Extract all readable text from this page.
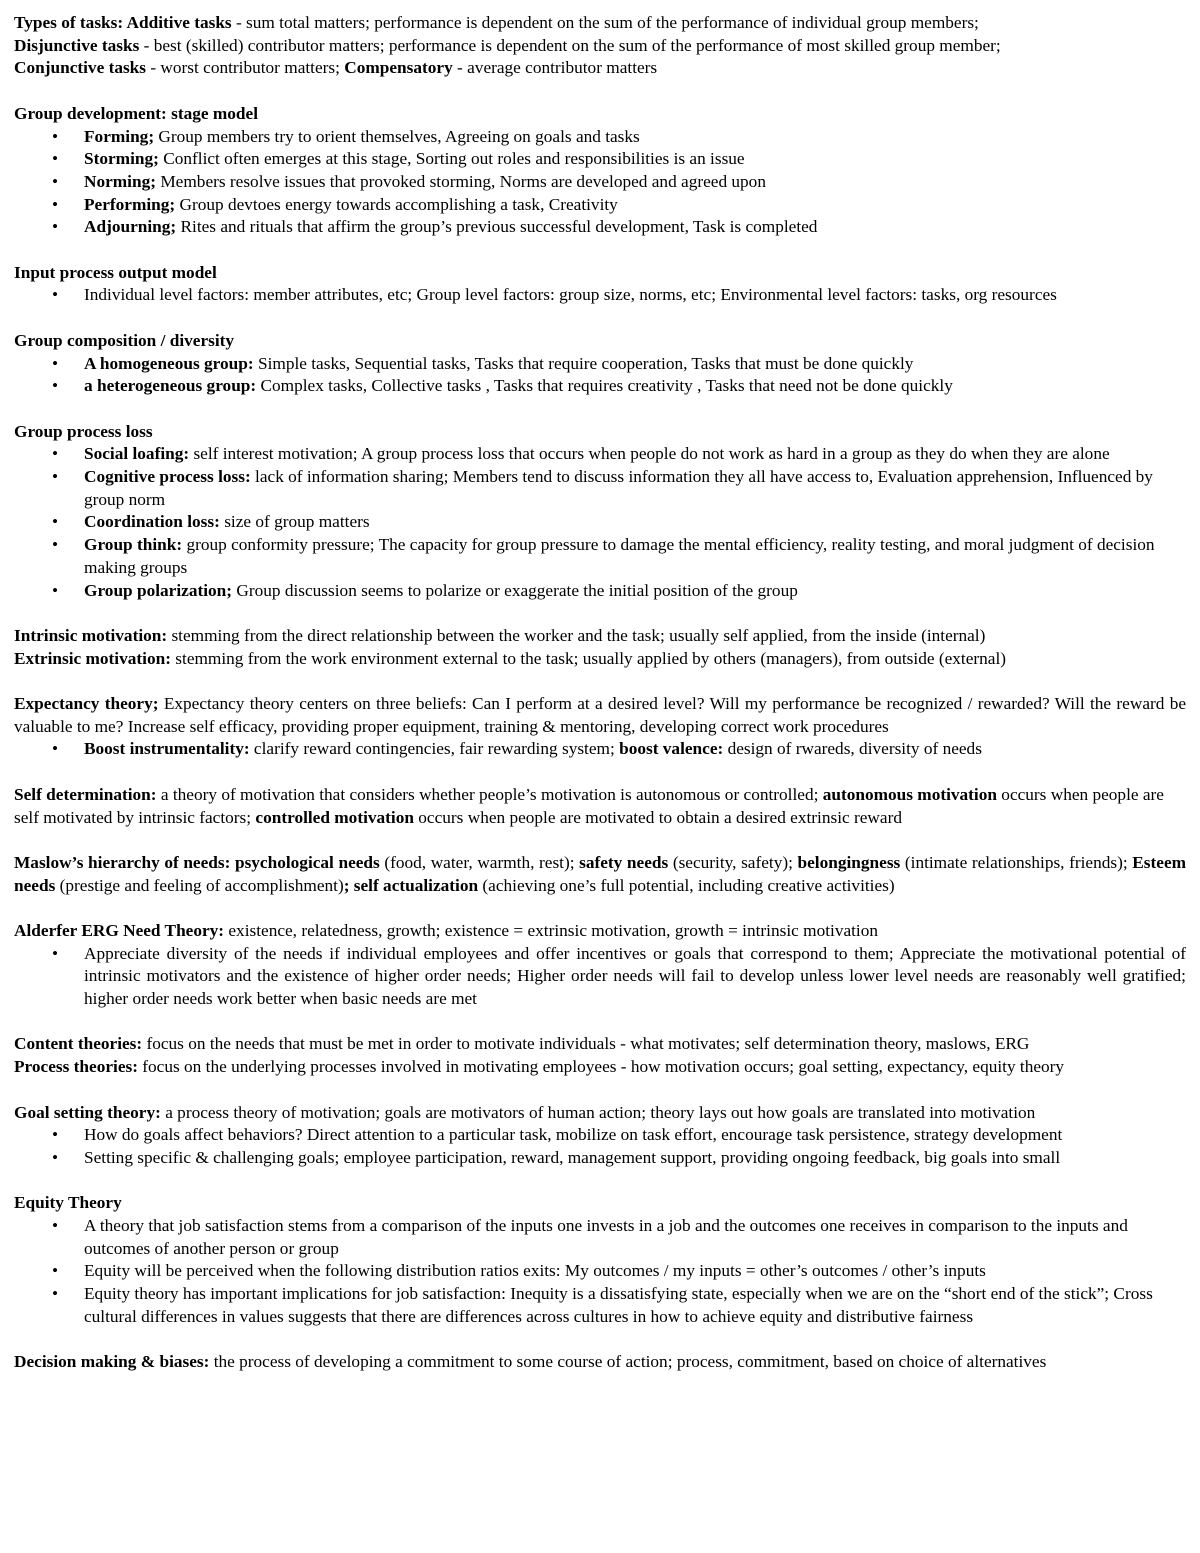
Types of tasks: Additive tasks - sum total matters; performance is dependent on the sum of the performance of individual group members;

Disjunctive tasks - best (skilled) contributor matters; performance is dependent on the sum of the performance of most skilled group member;

Conjunctive tasks - worst contributor matters; Compensatory - average contributor matters

Group development: stage model

• Forming; Group members try to orient themselves, Agreeing on goals and tasks
• Storming; Conflict often emerges at this stage, Sorting out roles and responsibilities is an issue
• Norming; Members resolve issues that provoked storming, Norms are developed and agreed upon
• Performing; Group devtoes energy towards accomplishing a task, Creativity
• Adjourning; Rites and rituals that affirm the group’s previous successful development, Task is completed

Input process output model

• Individual level factors: member attributes, etc; Group level factors: group size, norms, etc; Environmental level factors: tasks, org resources

Group composition / diversity

• A homogeneous group: Simple tasks, Sequential tasks, Tasks that require cooperation, Tasks that must be done quickly
• a heterogeneous group: Complex tasks, Collective tasks , Tasks that requires creativity , Tasks that need not be done quickly

Group process loss

• Social loafing: self interest motivation; A group process loss that occurs when people do not work as hard in a group as they do when they are alone
• Cognitive process loss: lack of information sharing; Members tend to discuss information they all have access to, Evaluation apprehension, Influenced by group norm
• Coordination loss: size of group matters
• Group think: group conformity pressure; The capacity for group pressure to damage the mental efficiency, reality testing, and moral judgment of decision making groups
• Group polarization; Group discussion seems to polarize or exaggerate the initial position of the group

Intrinsic motivation: stemming from the direct relationship between the worker and the task; usually self applied, from the inside (internal)

Extrinsic motivation: stemming from the work environment external to the task; usually applied by others (managers), from outside (external)

Expectancy theory; Expectancy theory centers on three beliefs: Can I perform at a desired level? Will my performance be recognized / rewarded? Will the reward be valuable to me? Increase self efficacy, providing proper equipment, training & mentoring, developing correct work procedures

• Boost instrumentality: clarify reward contingencies, fair rewarding system; boost valence: design of rwareds, diversity of needs

Self determination: a theory of motivation that considers whether people’s motivation is autonomous or controlled; autonomous motivation occurs when people are self motivated by intrinsic factors; controlled motivation occurs when people are motivated to obtain a desired extrinsic reward

Maslow’s hierarchy of needs: psychological needs (food, water, warmth, rest); safety needs (security, safety); belongingness (intimate relationships, friends); Esteem needs (prestige and feeling of accomplishment); self actualization (achieving one’s full potential, including creative activities)

Alderfer ERG Need Theory: existence, relatedness, growth; existence = extrinsic motivation, growth = intrinsic motivation

• Appreciate diversity of the needs if individual employees and offer incentives or goals that correspond to them; Appreciate the motivational potential of intrinsic motivators and the existence of higher order needs; Higher order needs will fail to develop unless lower level needs are reasonably well gratified; higher order needs work better when basic needs are met

Content theories: focus on the needs that must be met in order to motivate individuals - what motivates; self determination theory, maslows, ERG

Process theories: focus on the underlying processes involved in motivating employees - how motivation occurs; goal setting, expectancy, equity theory

Goal setting theory: a process theory of motivation; goals are motivators of human action; theory lays out how goals are translated into motivation

• How do goals affect behaviors? Direct attention to a particular task, mobilize on task effort, encourage task persistence, strategy development
• Setting specific & challenging goals; employee participation, reward, management support, providing ongoing feedback, big goals into small

Equity Theory

• A theory that job satisfaction stems from a comparison of the inputs one invests in a job and the outcomes one receives in comparison to the inputs and outcomes of another person or group
• Equity will be perceived when the following distribution ratios exits: My outcomes / my inputs = other’s outcomes / other’s inputs
• Equity theory has important implications for job satisfaction: Inequity is a dissatisfying state, especially when we are on the “short end of the stick”; Cross cultural differences in values suggests that there are differences across cultures in how to achieve equity and distributive fairness

Decision making & biases: the process of developing a commitment to some course of action; process, commitment, based on choice of alternatives
